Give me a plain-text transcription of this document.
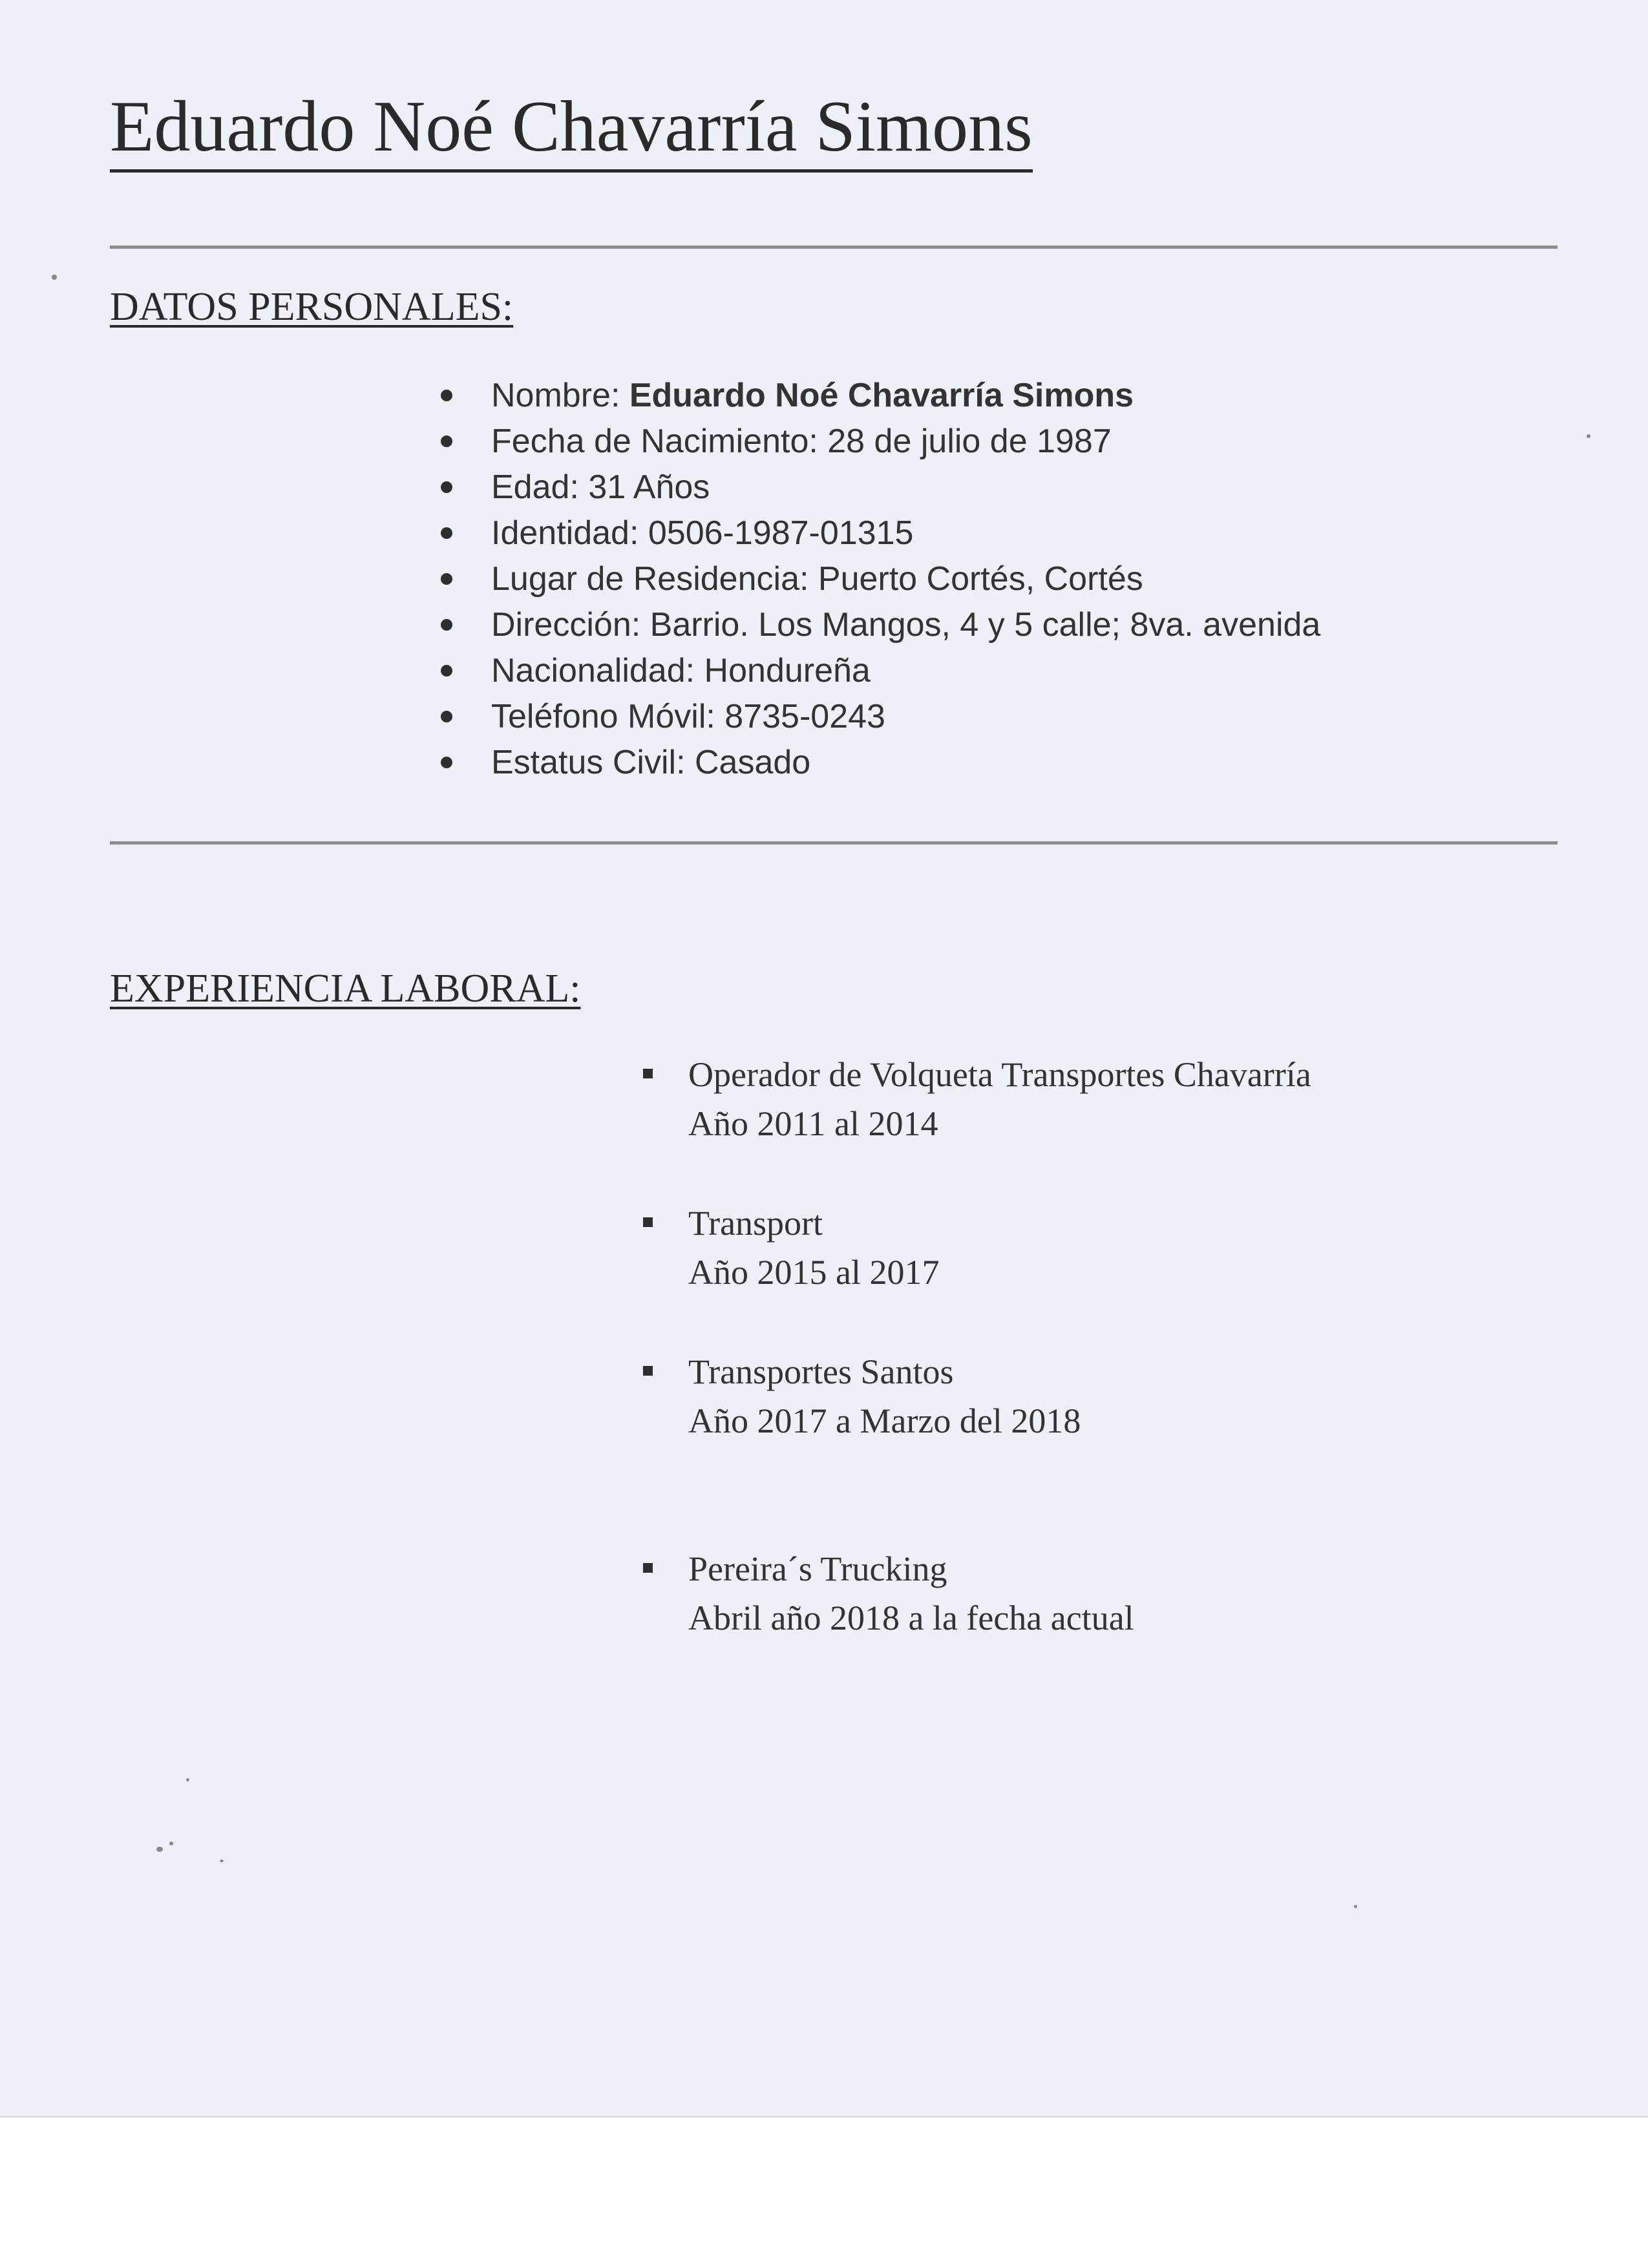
Eduardo Noé Chavarría Simons
DATOS PERSONALES:
Nombre: Eduardo Noé Chavarría Simons
Fecha de Nacimiento: 28 de julio de 1987
Edad: 31 Años
Identidad: 0506-1987-01315
Lugar de Residencia: Puerto Cortés, Cortés
Dirección: Barrio. Los Mangos, 4 y 5 calle; 8va. avenida
Nacionalidad: Hondureña
Teléfono Móvil: 8735-0243
Estatus Civil: Casado
EXPERIENCIA LABORAL:
Operador de Volqueta Transportes Chavarría
Año 2011 al 2014
Transport
Año 2015 al 2017
Transportes Santos
Año 2017 a Marzo del 2018
Pereira´s Trucking
Abril año 2018 a la fecha actual
